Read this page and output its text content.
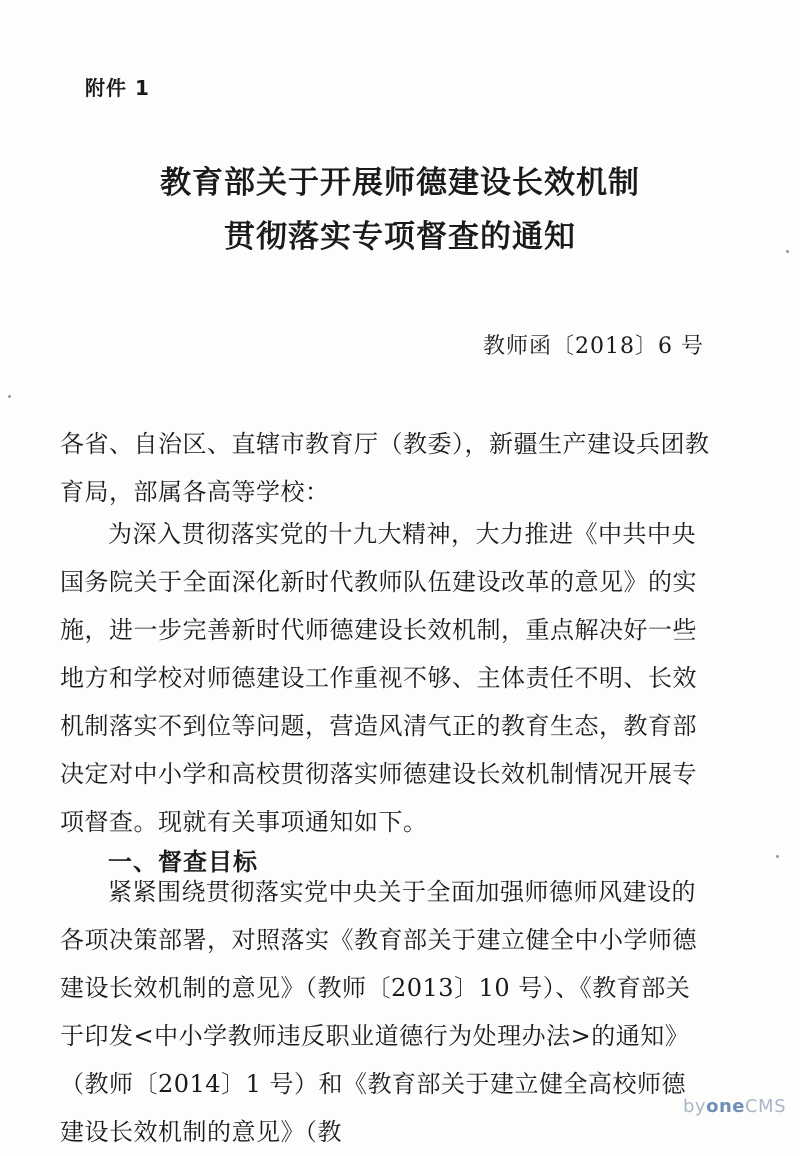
附件 1
教育部关于开展师德建设长效机制
贯彻落实专项督查的通知
教师函〔2018〕6 号

各省、自治区、直辖市教育厅（教委），新疆生产建设兵团教育局，部属各高等学校：

为深入贯彻落实党的十九大精神，大力推进《中共中央国务院关于全面深化新时代教师队伍建设改革的意见》的实施，进一步完善新时代师德建设长效机制，重点解决好一些地方和学校对师德建设工作重视不够、主体责任不明、长效机制落实不到位等问题，营造风清气正的教育生态，教育部决定对中小学和高校贯彻落实师德建设长效机制情况开展专项督查。现就有关事项通知如下。

一、督查目标

紧紧围绕贯彻落实党中央关于全面加强师德师风建设的各项决策部署，对照落实《教育部关于建立健全中小学师德建设长效机制的意见》（教师〔2013〕10 号）、《教育部关于印发<中小学教师违反职业道德行为处理办法>的通知》（教师〔2014〕1 号）和《教育部关于建立健全高校师德建设长效机制的意见》（教

byoneCMS
